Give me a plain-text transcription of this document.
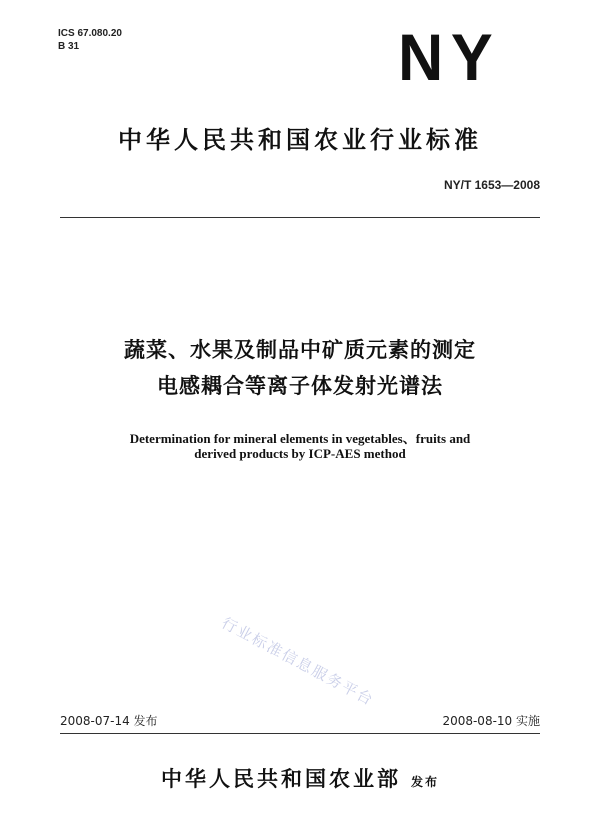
ICS 67.080.20
B 31	NY
中华人民共和国农业行业标准
NY/T 1653—2008
蔬菜、水果及制品中矿质元素的测定
电感耦合等离子体发射光谱法
Determination for mineral elements in vegetables、fruits and
derived products by ICP-AES method
行业标准信息服务平台
2008-07-14 发布	2008-08-10 实施
中华人民共和国农业部 发布
